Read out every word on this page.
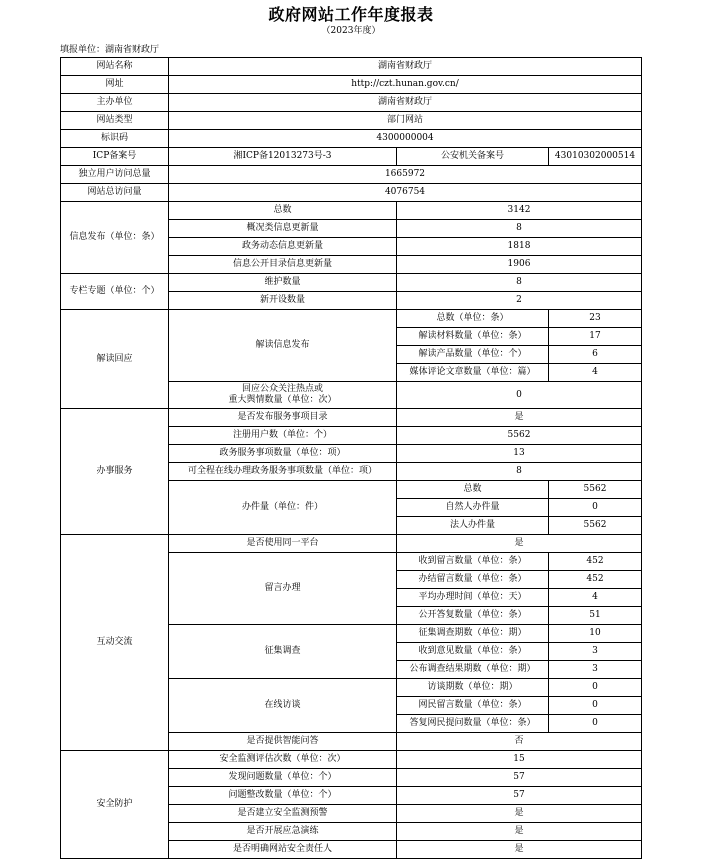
政府网站工作年度报表
（2023年度）
填报单位：湖南省财政厅
网站名称	湖南省财政厅		
网址	http://czt.hunan.gov.cn/		
主办单位	湖南省财政厅		
网站类型	部门网站		
标识码	4300000004		
ICP备案号	湘ICP备12013273号-3	公安机关备案号	43010302000514
独立用户访问总量	1665972		
网站总访问量	4076754		
信息发布（单位：条）	总数	3142	
	概况类信息更新量	8	
	政务动态信息更新量	1818	
	信息公开目录信息更新量	1906	
专栏专题（单位：个）	维护数量	8	
	新开设数量	2	
解读回应	解读信息发布	总数（单位：条）	23
		解读材料数量（单位：条）	17
		解读产品数量（单位：个）	6
		媒体评论文章数量（单位：篇）	4
	回应公众关注热点或
重大舆情数量（单位：次）	0	
办事服务	是否发布服务事项目录	是	
	注册用户数（单位：个）	5562	
	政务服务事项数量（单位：项）	13	
	可全程在线办理政务服务事项数量（单位：项）	8	
	办件量（单位：件）	总数	5562
		自然人办件量	0
		法人办件量	5562
互动交流	是否使用同一平台	是	
	留言办理	收到留言数量（单位：条）	452
		办结留言数量（单位：条）	452
		平均办理时间（单位：天）	4
		公开答复数量（单位：条）	51
	征集调查	征集调查期数（单位：期）	10
		收到意见数量（单位：条）	3
		公布调查结果期数（单位：期）	3
	在线访谈	访谈期数（单位：期）	0
		网民留言数量（单位：条）	0
		答复网民提问数量（单位：条）	0
	是否提供智能问答	否	
安全防护	安全监测评估次数（单位：次）	15	
	发现问题数量（单位：个）	57	
	问题整改数量（单位：个）	57	
	是否建立安全监测预警	是	
	是否开展应急演练	是	
	是否明确网站安全责任人	是	
